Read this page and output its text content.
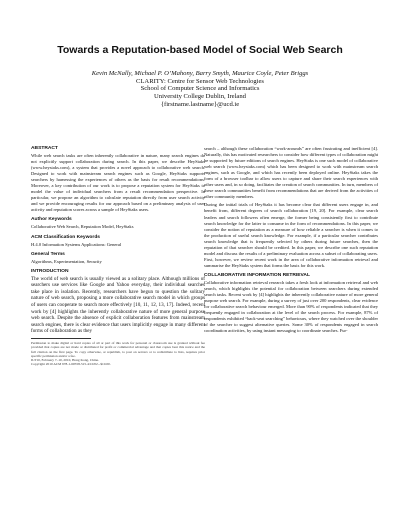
Towards a Reputation-based Model of Social Web Search
Kevin McNally, Michael P. O’Mahony, Barry Smyth, Maurice Coyle, Peter Briggs
CLARITY: Centre for Sensor Web Technologies
School of Computer Science and Informatics
University College Dublin, Ireland
{firstname.lastname}@ucd.ie
ABSTRACT

While web search tasks are often inherently collaborative in nature, many search engines do not explicitly support collaboration during search. In this paper, we describe HeyStaks (www.heystaks.com), a system that provides a novel approach to collaborative web search. Designed to work with mainstream search engines such as Google, HeyStaks supports searchers by harnessing the experiences of others as the basis for result recommendations. Moreover, a key contribution of our work is to propose a reputation system for HeyStaks to model the value of individual searchers from a result recommendation perspective. In particular, we propose an algorithm to calculate reputation directly from user search activity and we provide encouraging results for our approach based on a preliminary analysis of user activity and reputation scores across a sample of HeyStaks users.

Author Keywords

Collaborative Web Search, Reputation Model, HeyStaks

ACM Classification Keywords

H.4.0 Information Systems Applications: General

General Terms

Algorithms, Experimentation, Security

INTRODUCTION

The world of web search is usually viewed as a solitary place. Although millions of searchers use services like Google and Yahoo everyday, their individual searches take place in isolation. Recently, researchers have begun to question the solitary nature of web search, proposing a more collaborative search model in which groups of users can cooperate to search more effectively [10, 11, 12, 13, 17]. Indeed, recent work by [4] highlights the inherently collaborative nature of more general purpose web search. Despite the absence of explicit collaboration features from mainstream search engines, there is clear evidence that users implicitly engage in many different forms of collaboration as they

Permission to make digital or hard copies of all or part of this work for personal or classroom use is granted without fee provided that copies are not made or distributed for profit or commercial advantage and that copies bear this notice and the full citation on the first page. To copy otherwise, or republish, to post on servers or to redistribute to lists, requires prior specific permission and/or a fee.

IUI'10, February 7–10, 2010, Hong Kong, China.

Copyright 2010 ACM 978-1-60558-515-4/10/02...$10.00.

search – although these collaboration “work-arounds” are often frustrating and inefficient [4]. Naturally, this has motivated researchers to consider how different types of collaboration might be supported by future editions of search engines. HeyStaks is one such model of collaborative web search (www.heystaks.com) which has been designed to work with mainstream search engines, such as Google, and which has recently been deployed online. HeyStaks takes the form of a browser toolbar to allow users to capture and share their search experiences with other users and, in so doing, facilitates the creation of search communities. In turn, members of these search communities benefit from recommendations that are derived from the activities of other community members.

During the initial trials of HeyStaks it has become clear that different users engage in, and benefit from, different degrees of search collaboration [19, 20]. For example, clear search leaders and search followers often emerge, the former being consistently first to contribute search knowledge for the latter to consume in the form of recommendations. In this paper, we consider the notion of reputation as a measure of how reliable a searcher is when it comes to the production of useful search knowledge. For example, if a particular searcher contributes search knowledge that is frequently selected by others during future searches, then the reputation of that searcher should be credited. In this paper, we describe one such reputation model and discuss the results of a preliminary evaluation across a subset of collaborating users. First, however, we review recent work in the area of collaborative information retrieval and summarise the HeyStaks system that forms the basis for this work.

COLLABORATIVE INFORMATION RETRIEVAL

Collaborative information retrieval research takes a fresh look at information retrieval and web search, which highlights the potential for collaboration between searchers during extended search tasks. Recent work by [4] highlights the inherently collaborative nature of more general purpose web search. For example, during a survey of just over 200 respondents, clear evidence for collaborative search behaviour emerged. More than 90% of respondents indicated that they frequently engaged in collaboration at the level of the search process. For example, 87% of respondents exhibited “back-seat searching” behaviours, where they watched over the shoulder of the searcher to suggest alternative queries. Some 30% of respondents engaged in search coordination activities, by using instant messaging to coordinate searches. Fur-
